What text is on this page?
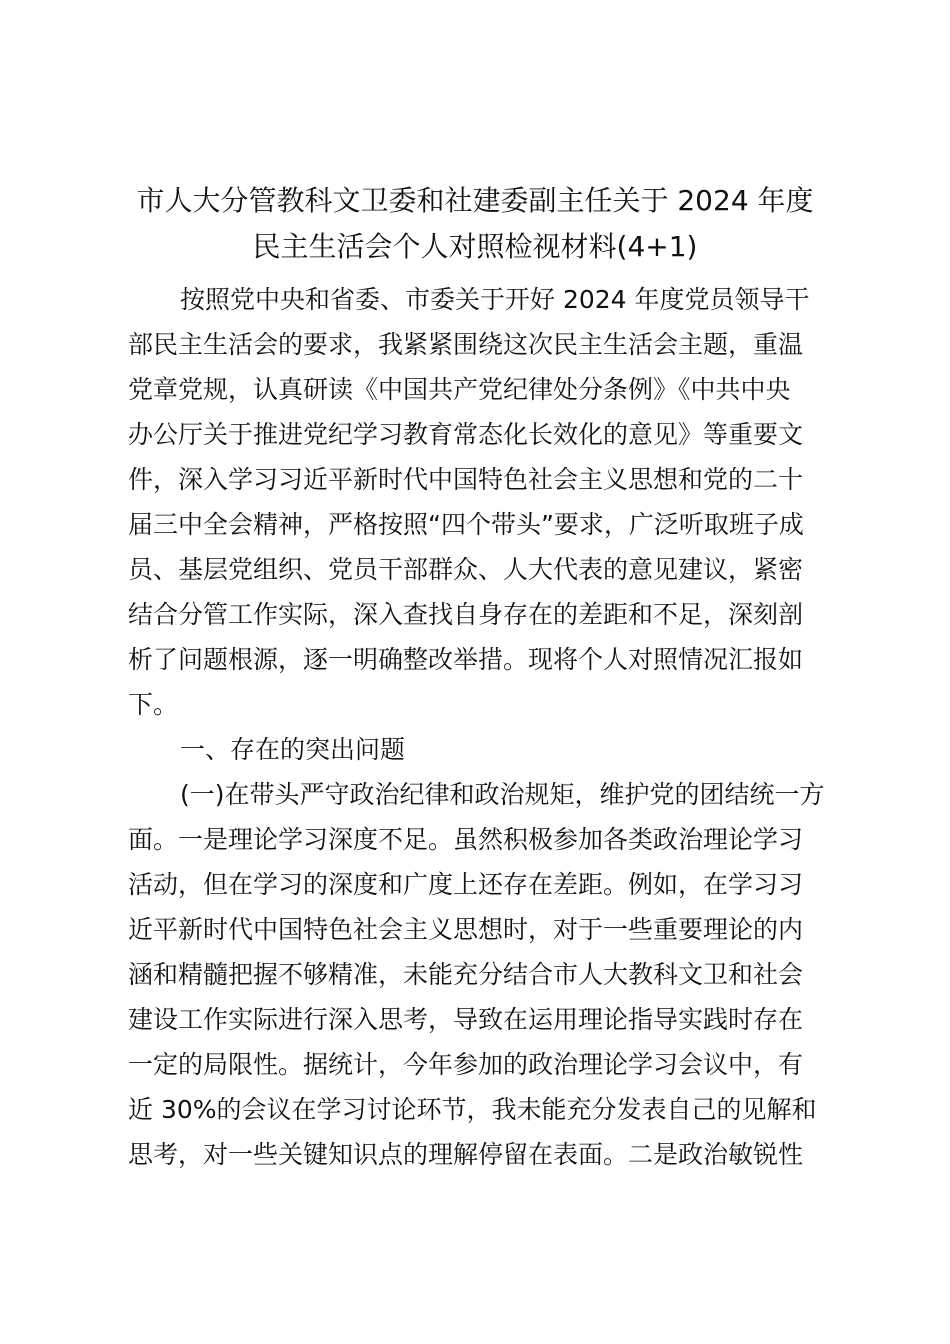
市人大分管教科文卫委和社建委副主任关于 2024 年度
民主生活会个人对照检视材料(4+1)
按照党中央和省委、市委关于开好 2024 年度党员领导干
部民主生活会的要求，我紧紧围绕这次民主生活会主题，重温
党章党规，认真研读《中国共产党纪律处分条例》《中共中央
办公厅关于推进党纪学习教育常态化长效化的意见》等重要文
件，深入学习习近平新时代中国特色社会主义思想和党的二十
届三中全会精神，严格按照“四个带头”要求，广泛听取班子成
员、基层党组织、党员干部群众、人大代表的意见建议，紧密
结合分管工作实际，深入查找自身存在的差距和不足，深刻剖
析了问题根源，逐一明确整改举措。现将个人对照情况汇报如
下。
一、存在的突出问题
(一)在带头严守政治纪律和政治规矩，维护党的团结统一方
面。一是理论学习深度不足。虽然积极参加各类政治理论学习
活动，但在学习的深度和广度上还存在差距。例如，在学习习
近平新时代中国特色社会主义思想时，对于一些重要理论的内
涵和精髓把握不够精准，未能充分结合市人大教科文卫和社会
建设工作实际进行深入思考，导致在运用理论指导实践时存在
一定的局限性。据统计，今年参加的政治理论学习会议中，有
近 30%的会议在学习讨论环节，我未能充分发表自己的见解和
思考，对一些关键知识点的理解停留在表面。二是政治敏锐性
